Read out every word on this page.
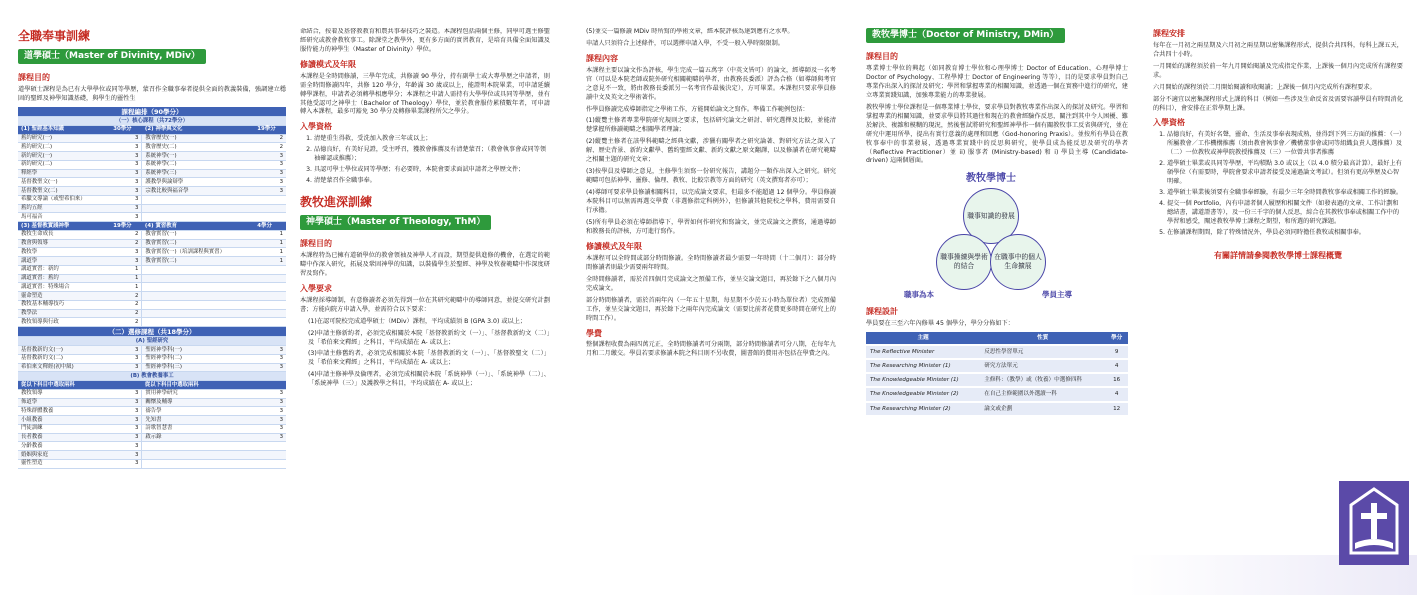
全職奉事訓練
道學碩士（Master of Divinity, MDiv）
課程目的
道學碩士課程是為已有大學學位或同等學歷，蒙召作全職事奉者提供全面的教義裝備，強調建立穩固的聖經及神學知識基礎，與學生的靈性生
課程編排（90學分）			
（一）核心課程（共72學分）			
(1) 聖經基本知識	30學分	(2) 神學與文化	19學分
舊約研究(一)	3	教會歷史(一)	2
舊約研究(二)	3	教會歷史(二)	2
新約研究(一)	3	系統神學(一)	3
新約研究(二)	3	系統神學(二)	3
釋經學	3	系統神學(三)	3
基督教聖文(一)	3	護教學與論辯學	3
基督教聖文(二)	3	宗教比較與福音學	3
希臘文導論（或聖希伯來）	3		
舊約五經	3		
馬可福音	3		
(3) 基督教實踐神學	19學分	(4) 實習教育	4學分
教牧生命成長	2	教會實習(一)	1
教會與領導	2	教會實習(二)	1
教牧學	3	教會實習(一)（培訓課程與實習）	1
講道學	3	教會實習(二)	1
講道實習：新約	1		
講道實習：舊約	1		
講道實習：特殊場合	1		
靈命塑造	2		
教牧基本輔導技巧	2		
教學法	2		
教牧領導與行政	2		
（二）選修課程（共18學分）			
(A) 聖經研究			
基督教新約文(一)	3	聖經神學科(一)	3
基督教新約文(二)	3	聖經神學科(二)	3
希伯來文釋經(初中級)	3	聖經神學科(三)	3
(B) 教會教養事工			
從以下科目中選取兩科		從以下科目中選取兩科	
教牧領導	3	實用神學研究	3
佈道學	3	關懷及輔導	3
特殊群體教養	3	禱告學	3
小組教養	3	先知書	3
門徒訓練	3	詩歌智慧書	3
長者教養	3	啟示錄	3
分齡教養	3		
婚姻與家庭	3		
靈性塑造	3		
命結合，按着及基督教教育和農共事奉技巧之裝造。本課程包括兩個主修，同學可選主修聖經研究或教會教牧事工。除課堂之教學外，更有多方面的實習教育，是培育具備全面知識及服侍能力的神學生（Master of Divinity）學位。
修讀模式及年限
本課程是全時間修讀，三學年完成，共修讀 90 學分，持有副學士或大專學歷之申請者，則需全時間修讀四年，共修 120 學分，年齡滿 30 歲或以上，能證明本院畢業，可申請延續轉學課程，申請者必須轉學相應學分；本課程之申請人需持有大學學位或具同等學歷，並有其他受認可之神學士（Bachelor of Theology）學位，並於教會服侍累積數年者，可申請轉入本課程，最多可豁免 30 學分及轉修畢業課程所欠之學分。
入學資格
1. 清楚重生得救，受洗加入教會三年或以上；
2. 品德良好，有美好見證，受主呼召，獲教會推薦及有清楚蒙召；（教會執事會或同等領袖確認或推薦）；
3. 具認可學士學位或同等學歷；有必要時，本院會要求面試申請者之學歷文件；
4. 清楚蒙召作全職事奉。
教牧進深訓練
神學碩士（Master of Theology, ThM）
課程目的
本課程特為已擁有道碩學位的教會領袖及神學人才而設，期望提供進修的機會，在選定的範疇中作深入研究，拓展及鞏固神學的知識，以裝備學生於聖經、神學及牧養範疇中作深度研習及寫作。
入學要求
本課程採導師制，有意修讀者必須先得到一位在其研究範疇中的導師同意，並提交研究計劃書；方能向院方申請入學，並需符合以下要求：
(1)在認可院校完成道學碩士（MDiv）課程，平均成績須 B (GPA 3.0) 或以上；
(2)申請主修新約者，必須完成相關於本院「基督教新約文（一）」、「基督教新約文（二）」及「希伯來文釋經」之科目，平均成績在 A- 或以上；
(3)申請主修舊約者，必須完成相關於本院「基督教新約文（一）」、「基督教聖文（二）」及「希伯來文釋經」之科目，平均成績在 A- 或以上；
(4)申請主修神學及倫理者，必須完成相關於本院「系統神學（一）」、「系統神學（二）」、「系統神學（三）」及護教學之科目，平均成績在 A- 或以上；
(5)並交一篇修讀 MDiv 時所寫的學術文章，經本院評核為達到應有之水準。
申請人只須符合上述條件，可以選擇申請入學，不受一般入學時限限制。
課程內容
本課程主要以論文作為評核，學生完成一篇五萬字（中英文皆可）的論文，經導師及一名考官（可以是本院老師或院外研究相關範疇的學者，由教務長委派）評為合格（如導師與考官之意見不一致，將由教務長委派另一名考官作最後決定），方可畢業。本課程只要求學員修讀中文及英文之學術著作。
作學員修讀完成導師指定之學術工作，方能開始論文之寫作。準備工作範例包括：
(1)縱覽主修者專業學院研究規則之要求，包括研究論文之研討、研究選擇及比較，並能清楚掌握所修讀範疇之相關學者理論；
(2)縱覽主修者在該學科範疇之經典文獻，涉獵有關學者之研究論著、對研究方法之深入了解、歷史背景、新約文獻學、舊約聖經文獻、新約文獻之原文翻譯，以及修讀者在研究範疇之相關主題的研究文章；
(3)按學員及導師之意見，主修學生須寫一份研究報告，講題分一類作出深入之研究。研究範疇可包括神學、靈修、倫理、教牧、比較宗教等方面的研究（英文撰寫者亦可）；
(4)導師可要求學員修讀相關科目，以完成論文要求，但最多不能超過 12 個學分。學員修讀本院科目可以無需再選交學費（非選修指定科例外），但修讀其他院校之學科，費用需要自行承擔。
(5)所有學員必須在導師指導下，學習如何作研究和寫論文，並完成論文之撰寫，通過導師和教務長的評核，方可進行寫作。
修讀模式及年限
本課程可以全時間或部分時間修讀。全時間修讀者最少需要一年時間（十二個月）：部分時間修讀者則最少需要兩年時間。
全時間修讀者，需於首四個月完成論文之預備工作，並呈交論文題目，再於餘下之八個月內完成論文。
部分時間修讀者，需於首兩年內（一年五十星期，每星期不少於五小時為單位者）完成預備工作，並呈交論文題目，再於餘下之兩年內完成論文（需要比前者花費更多時間在研究上的時間工作）。
學費
整個課程收費為兩四萬元正，全時間修讀者可分兩期，部分時間修讀者可分八期，在每年九月和二月繳交。學員若要求修讀本院之科目則不另收費，圖書館的費用亦包括在學費之內。
教牧學博士（Doctor of Ministry, DMin）
課程目的
專業博士學位的興起（如同教育博士學位和心理學博士 Doctor of Education、心理學博士 Doctor of Psychology、工程學博士 Doctor of Engineering 等等），目的是要求學員對自己專業作出深入的探討及研究；學習和掌握專業的相關知識，並透過一個在實務中進行的研究，建立專業實踐知識，加強專業能力的專業發展。
教牧學博士學位課程是一個專業博士學位，要求學員對教牧專業作出深入的探討及研究。學習和掌握專業的相關知識，並要求學員將其過往和現在的教會經驗作反思，關注到其中令人困擾、難於解決、複雜和模糊的現況，然後嘗試將研究和聖經神學作一個有關教牧事工反省與研究，並在研究中運用所學，提出有實行意義的處理和回應（God-honoring Praxis）。並按所有學員在教牧事奉中的事業發展，透過專業實踐中的反思與研究，使學員成為能反思及研究的學者（Reflective Practitioner）並 ii) 服事者 (Ministry-based) 和 i) 學員主導 (Candidate-driven) 這兩個層面。
教牧學博士
職事知識的發展
職事操練與學術的結合
在職事中的個人生命擴展
職事為本	學員主導
課程設計
學員要在三至六年內修畢 45 個學分，學分分佈如下：
主題	性質	學分
The Reflective Minister	反思性學習單元	9
The Researching Minister (1)	研究方法單元	4
The Knowledgeable Minister (1)	主修科：（教學）或（牧養）中選修四科	16
The Knowledgeable Minister (2)	在自己主修範圍以外選讀一科	4
The Researching Minister (2)	論文或企劃	12
課程安排
每年在一月初之兩星期及六月初之兩星期以密集課程形式，提供合共四科，每科上課五天，合共四十小時。
一月開始的課程須於前一年九月開始閱讀及完成指定作業，上課後一個月內完成所有課程要求。
六月開始的課程須於二月開始閱讀和收閱讀；上課後一個月內完成所有課程要求。
部分不適宜以密集課程形式上課的科目（例如一些涉及生命反省及需要容讀學員有時間消化的科目），會安排在正常學期上課。
入學資格
1. 品德良好，有美好名聲，靈命、生活及事奉表現成熟，並得到下列三方面的推薦：（一）所屬教會／工作機構推薦（須由教會執事會／機構董事會或同等組織負責人選推薦）及（二）一位教牧或神學院教授推薦及（三）一位曾共事者推薦
2. 道學碩士畢業或具同等學歷，平均積點 3.0 或以上（以 4.0 積分最高計算），最好上有碩學位（有需要時，學院會要求申請者接受及通過論文考試）。但須有更高學歷及心智明確。
3. 道學碩士畢業後須要有全職事奉經驗，有最少三年全時間教牧事奉或相關工作的經驗。
4. 提交一個 Portfolio，內有申請者個人履歷和相關文件（如發表過的文章、工作計劃和總結書，講道證書等），及一份三千字的個人反思，綜合在其教牧事奉或相關工作中的學習和感受，闡述教牧學博士課程之期望，和所選的研究課題。
5. 在修讀課程期間，除了特殊情況外，學員必須同時擔任教牧或相關事奉。
有關詳情請參閱教牧學博士課程概覽
